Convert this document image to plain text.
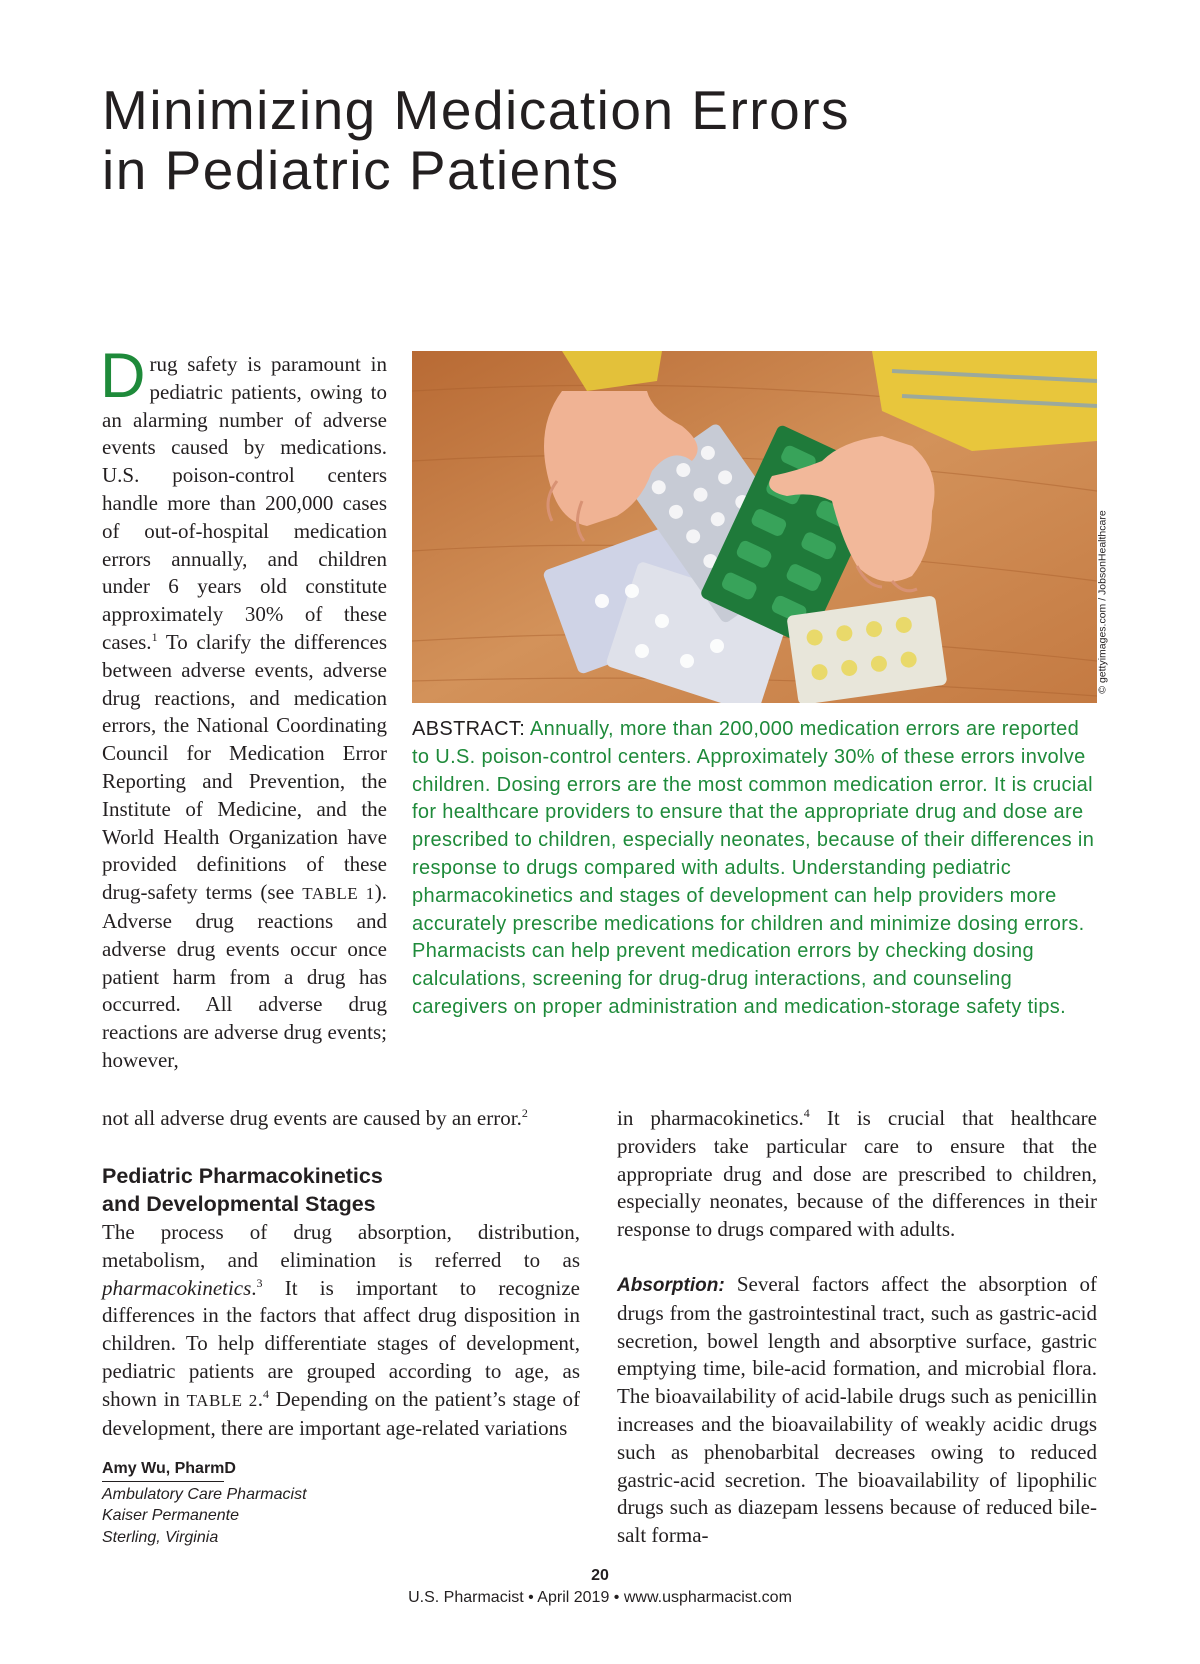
Minimizing Medication Errors
in Pediatric Patients

Drug safety is paramount in pediatric patients, owing to an alarming number of adverse events caused by medications. U.S. poison-control centers handle more than 200,000 cases of out-of-hospital medication errors annually, and children under 6 years old constitute approximately 30% of these cases.$^1$ To clarify the differences between adverse events, adverse drug reactions, and medication errors, the National Coordinating Council for Medication Error Reporting and Prevention, the Institute of Medicine, and the World Health Organization have provided definitions of these drug-safety terms (see TABLE 1). Adverse drug reactions and adverse drug events occur once patient harm from a drug has occurred. All adverse drug reactions are adverse drug events; however,

© gettyimages.com / JobsonHealthcare

ABSTRACT: Annually, more than 200,000 medication errors are reported to U.S. poison-control centers. Approximately 30% of these errors involve children. Dosing errors are the most common medication error. It is crucial for healthcare providers to ensure that the appropriate drug and dose are prescribed to children, especially neonates, because of their differences in response to drugs compared with adults. Understanding pediatric pharmacokinetics and stages of development can help providers more accurately prescribe medications for children and minimize dosing errors. Pharmacists can help prevent medication errors by checking dosing calculations, screening for drug-drug interactions, and counseling caregivers on proper administration and medication-storage safety tips.

not all adverse drug events are caused by an error.$^2$
Pediatric Pharmacokinetics
and Developmental Stages

The process of drug absorption, distribution, metabolism, and elimination is referred to as pharmacokinetics.$^3$ It is important to recognize differences in the factors that affect drug disposition in children. To help differentiate stages of development, pediatric patients are grouped according to age, as shown in TABLE 2.$^4$ Depending on the patient’s stage of development, there are important age-related variations

in pharmacokinetics.$^4$ It is crucial that healthcare providers take particular care to ensure that the appropriate drug and dose are prescribed to children, especially neonates, because of the differences in their response to drugs compared with adults.

Absorption: Several factors affect the absorption of drugs from the gastrointestinal tract, such as gastric-acid secretion, bowel length and absorptive surface, gastric emptying time, bile-acid formation, and microbial flora. The bioavailability of acid-labile drugs such as penicillin increases and the bioavailability of weakly acidic drugs such as phenobarbital decreases owing to reduced gastric-acid secretion. The bioavailability of lipophilic drugs such as diazepam lessens because of reduced bile-salt forma-

Amy Wu, PharmD
Ambulatory Care Pharmacist
Kaiser Permanente
Sterling, Virginia
20
U.S. Pharmacist • April 2019 • www.uspharmacist.com
